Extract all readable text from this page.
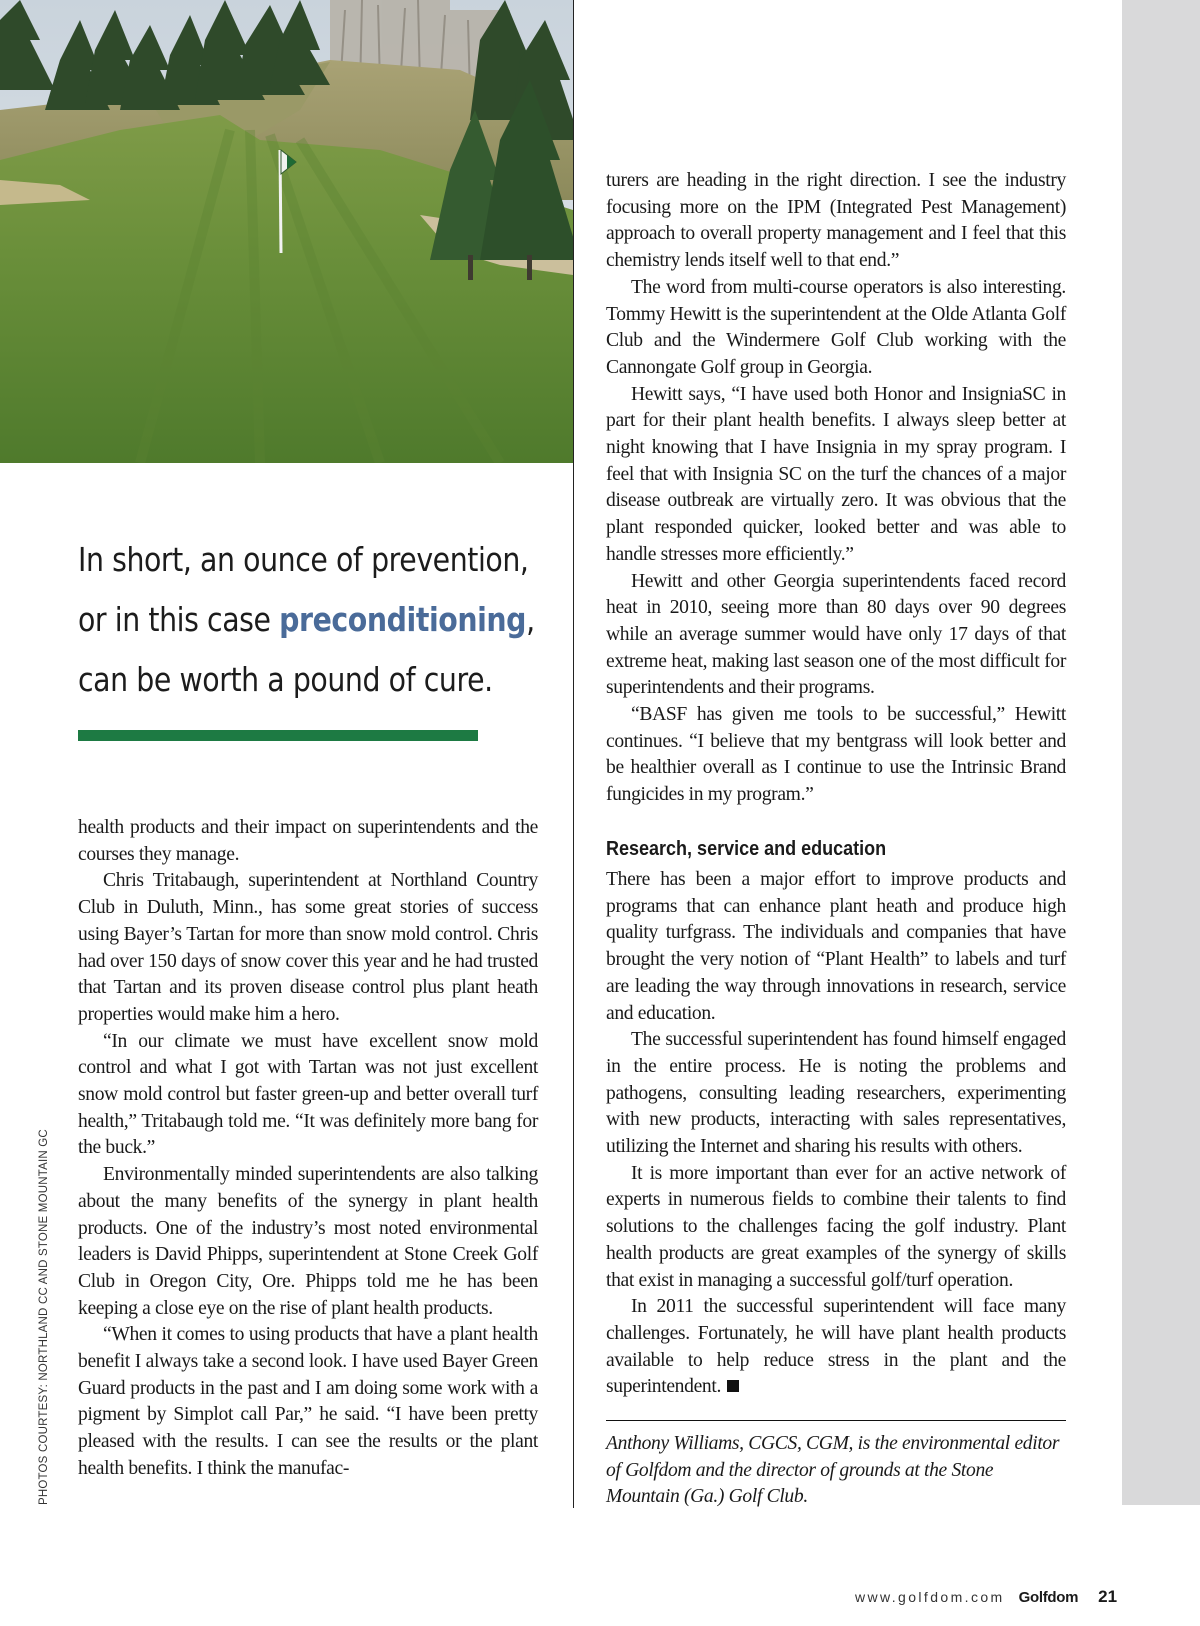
PHOTOS COURTESY: NORTHLAND CC AND STONE MOUNTAIN GC
In short, an ounce of prevention,
or in this case preconditioning,
can be worth a pound of cure.

health products and their impact on superintendents and the courses they manage.

Chris Tritabaugh, superintendent at Northland Country Club in Duluth, Minn., has some great stories of success using Bayer’s Tartan for more than snow mold control. Chris had over 150 days of snow cover this year and he had trusted that Tartan and its proven disease control plus plant heath properties would make him a hero.

“In our climate we must have excellent snow mold control and what I got with Tartan was not just excellent snow mold control but faster green-up and better overall turf health,” Tritabaugh told me. “It was definitely more bang for the buck.”

Environmentally minded superintendents are also talking about the many benefits of the synergy in plant health products. One of the industry’s most noted environmental leaders is David Phipps, superintendent at Stone Creek Golf Club in Oregon City, Ore. Phipps told me he has been keeping a close eye on the rise of plant health products.

“When it comes to using products that have a plant health benefit I always take a second look. I have used Bayer Green Guard products in the past and I am doing some work with a pigment by Simplot call Par,” he said. “I have been pretty pleased with the results. I can see the results or the plant health benefits. I think the manufac-

turers are heading in the right direction. I see the industry focusing more on the IPM (Integrated Pest Management) approach to overall property management and I feel that this chemistry lends itself well to that end.”

The word from multi-course operators is also interesting. Tommy Hewitt is the superintendent at the Olde Atlanta Golf Club and the Windermere Golf Club working with the Cannongate Golf group in Georgia.

Hewitt says, “I have used both Honor and InsigniaSC in part for their plant health benefits. I always sleep better at night knowing that I have Insignia in my spray program. I feel that with Insignia SC on the turf the chances of a major disease outbreak are virtually zero. It was obvious that the plant responded quicker, looked better and was able to handle stresses more efficiently.”

Hewitt and other Georgia superintendents faced record heat in 2010, seeing more than 80 days over 90 degrees while an average summer would have only 17 days of that extreme heat, making last season one of the most difficult for superintendents and their programs.

“BASF has given me tools to be successful,” Hewitt continues. “I believe that my bentgrass will look better and be healthier overall as I continue to use the Intrinsic Brand fungicides in my program.”

Research, service and education

There has been a major effort to improve products and programs that can enhance plant heath and produce high quality turfgrass. The individuals and companies that have brought the very notion of “Plant Health” to labels and turf are leading the way through innovations in research, service and education.

The successful superintendent has found himself engaged in the entire process. He is noting the problems and pathogens, consulting leading researchers, experimenting with new products, interacting with sales representatives, utilizing the Internet and sharing his results with others.

It is more important than ever for an active network of experts in numerous fields to combine their talents to find solutions to the challenges facing the golf industry. Plant health products are great examples of the synergy of skills that exist in managing a successful golf/turf operation.

In 2011 the successful superintendent will face many challenges. Fortunately, he will have plant health products available to help reduce stress in the plant and the superintendent.

Anthony Williams, CGCS, CGM, is the environmental editor of Golfdom and the director of grounds at the Stone Mountain (Ga.) Golf Club.
www.golfdom.com Golfdom 21
